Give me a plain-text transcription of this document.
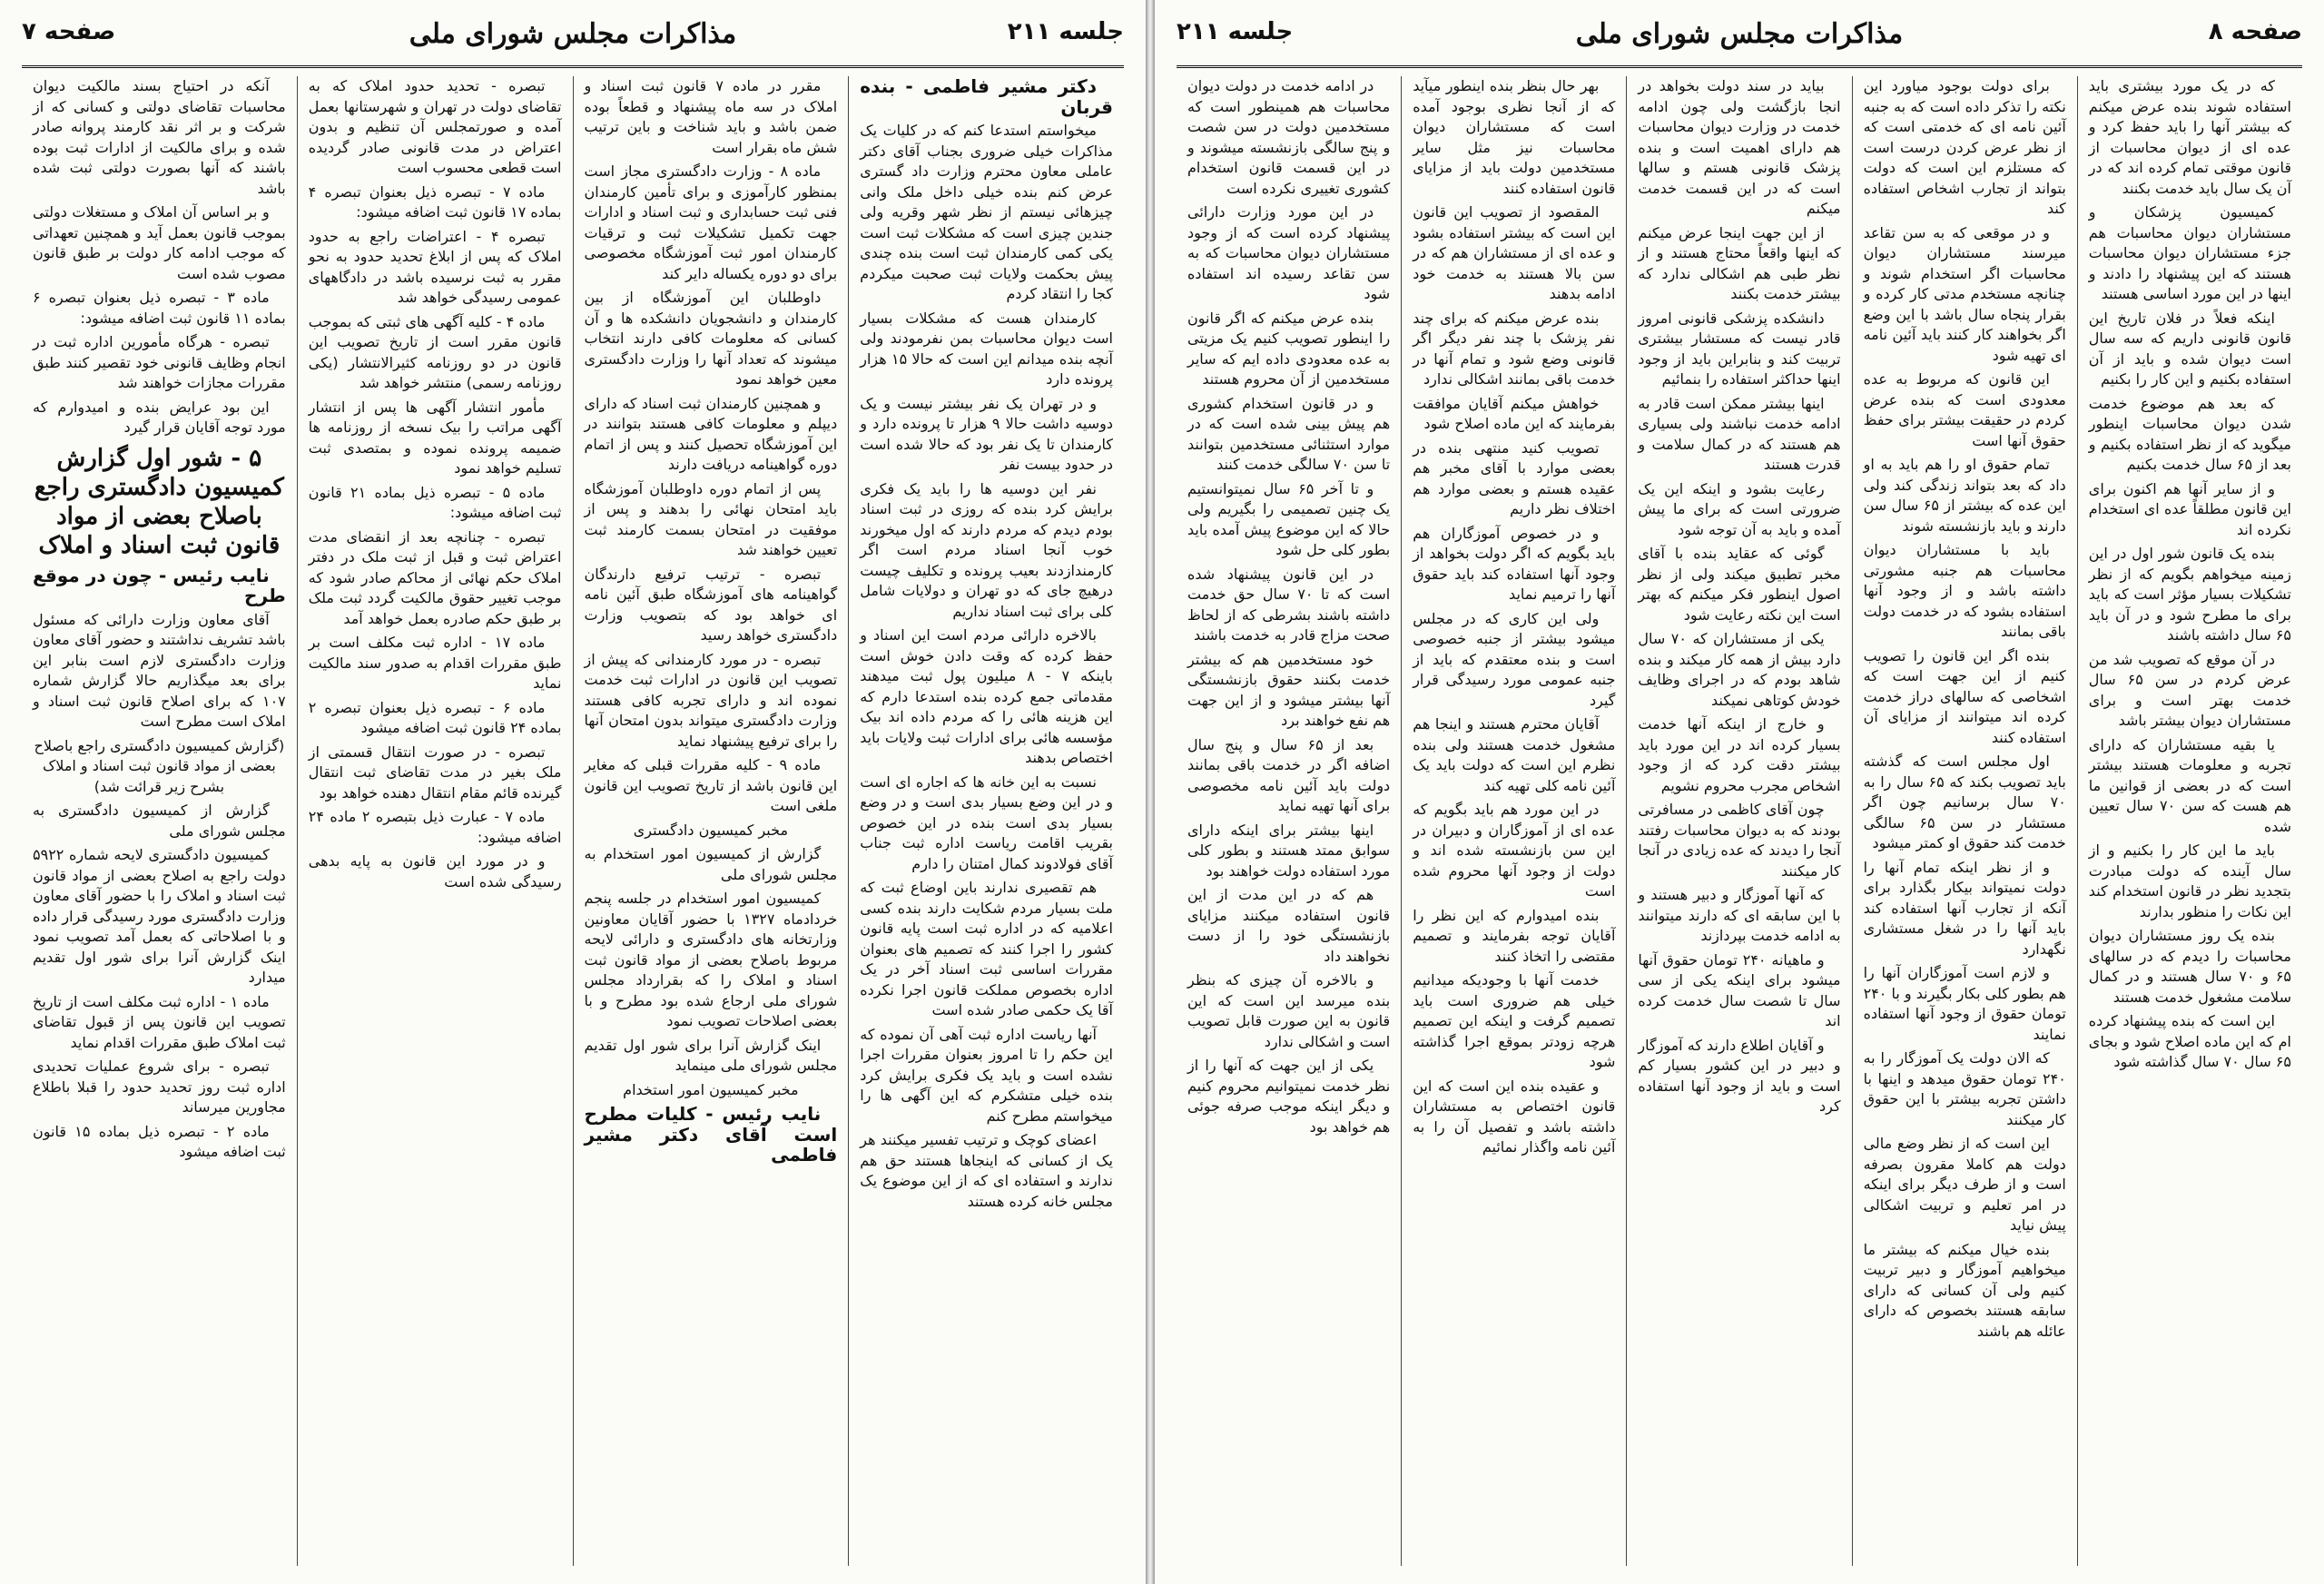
جلسه ۲۱۱
مذاکرات مجلس شورای ملی
صفحه ۷

دکتر مشیر فاطمی - بنده قربان

میخواستم استدعا کنم که در کلیات یک مذاکرات خیلی ضروری بجناب آقای دکتر عاملی معاون محترم وزارت داد گستری عرض کنم بنده خیلی داخل ملک وانی چیزهائی نیستم از نظر شهر وقریه ولی جندین چیزی است که مشکلات ثبت است یکی کمی کارمندان ثبت است بنده چندی پیش بحکمت ولایات ثبت صحبت میکردم کجا را انتقاد کردم

کارمندان هست که مشکلات بسیار است دیوان محاسبات بمن نفرمودند ولی آنچه بنده میدانم این است که حالا ۱۵ هزار پرونده دارد

و در تهران یک نفر بیشتر نیست و یک دوسیه داشت حالا ۹ هزار تا پرونده دارد و کارمندان تا یک نفر بود که حالا شده است در حدود بیست نفر

نفر این دوسیه ها را باید یک فکری برایش کرد بنده که روزی در ثبت اسناد بودم دیدم که مردم دارند که اول میخورند خوب آنجا اسناد مردم است اگر کارمندازدند بعیب پرونده و تکلیف چیست درهیچ جای که دو تهران و دولایات شامل کلی برای ثبت اسناد نداریم

بالاخره دارائی مردم است این اسناد و حفظ کرده که وقت دادن خوش است باینکه ۷ - ۸ میلیون پول ثبت میدهند مقدماتی جمع کرده بنده استدعا دارم که این هزینه هائی را که مردم داده اند بیک مؤسسه هائی برای ادارات ثبت ولایات باید اختصاص بدهند

نسبت به این خانه ها که اجاره ای است و در این وضع بسیار بدی است و در وضع بسیار بدی است بنده در این خصوص بقریب اقامت ریاست اداره ثبت جناب آقای فولادوند کمال امتنان را دارم

هم تقصیری ندارند باین اوضاع ثبت که ملت بسیار مردم شکایت دارند بنده کسی اعلامیه که در اداره ثبت است پایه قانون کشور را اجرا کنند که تصمیم های بعنوان مقررات اساسی ثبت اسناد آخر در یک اداره بخصوص مملکت قانون اجرا نکرده آقا یک حکمی صادر شده است

آنها ریاست اداره ثبت آهی آن نموده که این حکم را تا امروز بعنوان مقررات اجرا نشده است و باید یک فکری برایش کرد بنده خیلی متشکرم که این آگهی ها را میخواستم مطرح کنم

اعضای کوچک و ترتیب تفسیر میکنند هر یک از کسانی که اینجاها هستند حق هم ندارند و استفاده ای که از این موضوع یک مجلس خانه کرده هستند

مقرر در ماده ۷ قانون ثبت اسناد و املاک در سه ماه پیشنهاد و قطعاً بوده ضمن باشد و باید شناخت و باین ترتیب شش ماه بقرار است

ماده ۸ - وزارت دادگستری مجاز است بمنظور کارآموزی و برای تأمین کارمندان فنی ثبت حسابداری و ثبت اسناد و ادارات جهت تکمیل تشکیلات ثبت و ترقیات کارمندان امور ثبت آموزشگاه مخصوصی برای دو دوره یکساله دایر کند

داوطلبان این آموزشگاه از بین کارمندان و دانشجویان دانشکده ها و آن کسانی که معلومات کافی دارند انتخاب میشوند که تعداد آنها را وزارت دادگستری معین خواهد نمود

و همچنین کارمندان ثبت اسناد که دارای دیپلم و معلومات کافی هستند بتوانند در این آموزشگاه تحصیل کنند و پس از اتمام دوره گواهینامه دریافت دارند

پس از اتمام دوره داوطلبان آموزشگاه باید امتحان نهائی را بدهند و پس از موفقیت در امتحان بسمت کارمند ثبت تعیین خواهند شد

تبصره - ترتیب ترفیع دارندگان گواهینامه های آموزشگاه طبق آئین نامه ای خواهد بود که بتصویب وزارت دادگستری خواهد رسید

تبصره - در مورد کارمندانی که پیش از تصویب این قانون در ادارات ثبت خدمت نموده اند و دارای تجربه کافی هستند وزارت دادگستری میتواند بدون امتحان آنها را برای ترفیع پیشنهاد نماید

ماده ۹ - کلیه مقررات قبلی که مغایر این قانون باشد از تاریخ تصویب این قانون ملغی است

مخبر کمیسیون دادگستری

گزارش از کمیسیون امور استخدام به مجلس شورای ملی

کمیسیون امور استخدام در جلسه پنجم خردادماه ۱۳۲۷ با حضور آقایان معاونین وزارتخانه های دادگستری و دارائی لایحه مربوط باصلاح بعضی از مواد قانون ثبت اسناد و املاک را که بقرارداد مجلس شورای ملی ارجاع شده بود مطرح و با بعضی اصلاحات تصویب نمود

اینک گزارش آنرا برای شور اول تقدیم مجلس شورای ملی مینماید

مخبر کمیسیون امور استخدام

نایب رئیس - کلیات مطرح است آقای دکتر مشیر فاطمی

تبصره - تحدید حدود املاک که به تقاضای دولت در تهران و شهرستانها بعمل آمده و صورتمجلس آن تنظیم و بدون اعتراض در مدت قانونی صادر گردیده است قطعی محسوب است

ماده ۷ - تبصره ذیل بعنوان تبصره ۴ بماده ۱۷ قانون ثبت اضافه میشود:

تبصره ۴ - اعتراضات راجع به حدود املاک که پس از ابلاغ تحدید حدود به نحو مقرر به ثبت نرسیده باشد در دادگاههای عمومی رسیدگی خواهد شد

ماده ۴ - کلیه آگهی های ثبتی که بموجب قانون مقرر است از تاریخ تصویب این قانون در دو روزنامه کثیرالانتشار (یکی روزنامه رسمی) منتشر خواهد شد

مأمور انتشار آگهی ها پس از انتشار آگهی مراتب را بیک نسخه از روزنامه ها ضمیمه پرونده نموده و بمتصدی ثبت تسلیم خواهد نمود

ماده ۵ - تبصره ذیل بماده ۲۱ قانون ثبت اضافه میشود:

تبصره - چنانچه بعد از انقضای مدت اعتراض ثبت و قبل از ثبت ملک در دفتر املاک حکم نهائی از محاکم صادر شود که موجب تغییر حقوق مالکیت گردد ثبت ملک بر طبق حکم صادره بعمل خواهد آمد

ماده ۱۷ - اداره ثبت مکلف است بر طبق مقررات اقدام به صدور سند مالکیت نماید

ماده ۶ - تبصره ذیل بعنوان تبصره ۲ بماده ۲۴ قانون ثبت اضافه میشود

تبصره - در صورت انتقال قسمتی از ملک بغیر در مدت تقاضای ثبت انتقال گیرنده قائم مقام انتقال دهنده خواهد بود

ماده ۷ - عبارت ذیل بتبصره ۲ ماده ۲۴ اضافه میشود:

و در مورد این قانون به پایه بدهی رسیدگی شده است

آنکه در احتیاج بسند مالکیت دیوان محاسبات تقاضای دولتی و کسانی که از شرکت و بر اثر نقد کارمند پروانه صادر شده و برای مالکیت از ادارات ثبت بوده باشند که آنها بصورت دولتی ثبت شده باشد

و بر اساس آن املاک و مستغلات دولتی بموجب قانون بعمل آید و همچنین تعهداتی که موجب ادامه کار دولت بر طبق قانون مصوب شده است

ماده ۳ - تبصره ذیل بعنوان تبصره ۶ بماده ۱۱ قانون ثبت اضافه میشود:

تبصره - هرگاه مأمورین اداره ثبت در انجام وظایف قانونی خود تقصیر کنند طبق مقررات مجازات خواهند شد

این بود عرایض بنده و امیدوارم که مورد توجه آقایان قرار گیرد

۵ - شور اول گزارش کمیسیون دادگستری راجع باصلاح بعضی از مواد قانون ثبت اسناد و املاک

نایب رئیس - چون در موقع طرح

آقای معاون وزارت دارائی که مسئول باشد تشریف نداشتند و حضور آقای معاون وزارت دادگستری لازم است بنابر این برای بعد میگذاریم حالا گزارش شماره ۱۰۷ که برای اصلاح قانون ثبت اسناد و املاک است مطرح است

(گزارش کمیسیون دادگستری راجع باصلاح بعضی از مواد قانون ثبت اسناد و املاک بشرح زیر قرائت شد)

گزارش از کمیسیون دادگستری به مجلس شورای ملی

کمیسیون دادگستری لایحه شماره ۵۹۲۲ دولت راجع به اصلاح بعضی از مواد قانون ثبت اسناد و املاک را با حضور آقای معاون وزارت دادگستری مورد رسیدگی قرار داده و با اصلاحاتی که بعمل آمد تصویب نمود اینک گزارش آنرا برای شور اول تقدیم میدارد

ماده ۱ - اداره ثبت مکلف است از تاریخ تصویب این قانون پس از قبول تقاضای ثبت املاک طبق مقررات اقدام نماید

تبصره - برای شروع عملیات تحدیدی اداره ثبت روز تحدید حدود را قبلا باطلاع مجاورین میرساند

ماده ۲ - تبصره ذیل بماده ۱۵ قانون ثبت اضافه میشود

صفحه ۸
مذاکرات مجلس شورای ملی
جلسه ۲۱۱

که در یک مورد بیشتری باید استفاده شوند بنده عرض میکنم که بیشتر آنها را باید حفظ کرد و عده ای از دیوان محاسبات از قانون موقتی تمام کرده اند که در آن یک سال باید خدمت بکنند

کمیسیون پزشکان و مستشاران دیوان محاسبات هم جزء مستشاران دیوان محاسبات هستند که این پیشنهاد را دادند و اینها در این مورد اساسی هستند

اینکه فعلاً در فلان تاریخ این قانون قانونی داریم که سه سال است دیوان شده و باید از آن استفاده بکنیم و این کار را بکنیم

که بعد هم موضوع خدمت شدن دیوان محاسبات اینطور میگوید که از نظر استفاده بکنیم و بعد از ۶۵ سال خدمت بکنیم

و از سایر آنها هم اکنون برای این قانون مطلقاً عده ای استخدام نکرده اند

بنده یک قانون شور اول در این زمینه میخواهم بگویم که از نظر تشکیلات بسیار مؤثر است که باید برای ما مطرح شود و در آن باید ۶۵ سال داشته باشند

در آن موقع که تصویب شد من عرض کردم در سن ۶۵ سال خدمت بهتر است و برای مستشاران دیوان بیشتر باشد

یا بقیه مستشاران که دارای تجربه و معلومات هستند بیشتر است که در بعضی از قوانین ما هم هست که سن ۷۰ سال تعیین شده

باید ما این کار را بکنیم و از سال آینده که دولت مبادرت بتجدید نظر در قانون استخدام کند این نکات را منظور بدارند

بنده یک روز مستشاران دیوان محاسبات را دیدم که در سالهای ۶۵ و ۷۰ سال هستند و در کمال سلامت مشغول خدمت هستند

این است که بنده پیشنهاد کرده ام که این ماده اصلاح شود و بجای ۶۵ سال ۷۰ سال گذاشته شود

برای دولت بوجود میاورد این نکته را تذکر داده است که به جنبه آئین نامه ای که خدمتی است که از نظر عرض کردن درست است که مستلزم این است که دولت بتواند از تجارب اشخاص استفاده کند

و در موقعی که به سن تقاعد میرسند مستشاران دیوان محاسبات اگر استخدام شوند و چنانچه مستخدم مدتی کار کرده و بقرار پنجاه سال باشد با این وضع اگر بخواهند کار کنند باید آئین نامه ای تهیه شود

این قانون که مربوط به عده معدودی است که بنده عرض کردم در حقیقت بیشتر برای حفظ حقوق آنها است

تمام حقوق او را هم باید به او داد که بعد بتواند زندگی کند ولی این عده که بیشتر از ۶۵ سال سن دارند و باید بازنشسته شوند

باید با مستشاران دیوان محاسبات هم جنبه مشورتی داشته باشد و از وجود آنها استفاده بشود که در خدمت دولت باقی بمانند

بنده اگر این قانون را تصویب کنیم از این جهت است که اشخاصی که سالهای دراز خدمت کرده اند میتوانند از مزایای آن استفاده کنند

اول مجلس است که گذشته باید تصویب بکند که ۶۵ سال را به ۷۰ سال برسانیم چون اگر مستشار در سن ۶۵ سالگی خدمت کند حقوق او کمتر میشود

و از نظر اینکه تمام آنها را دولت نمیتواند بیکار بگذارد برای آنکه از تجارب آنها استفاده کند باید آنها را در شغل مستشاری نگهدارد

و لازم است آموزگاران آنها را هم بطور کلی بکار بگیرند و با ۲۴۰ تومان حقوق از وجود آنها استفاده نمایند

که الان دولت یک آموزگار را به ۲۴۰ تومان حقوق میدهد و اینها با داشتن تجربه بیشتر با این حقوق کار میکنند

این است که از نظر وضع مالی دولت هم کاملا مقرون بصرفه است و از طرف دیگر برای اینکه در امر تعلیم و تربیت اشکالی پیش نیاید

بنده خیال میکنم که بیشتر ما میخواهیم آموزگار و دبیر تربیت کنیم ولی آن کسانی که دارای سابقه هستند بخصوص که دارای عائله هم باشند

بیاید در سند دولت بخواهد در انجا بازگشت ولی چون ادامه خدمت در وزارت دیوان محاسبات هم دارای اهمیت است و بنده پزشک قانونی هستم و سالها است که در این قسمت خدمت میکنم

از این جهت اینجا عرض میکنم که اینها واقعاً محتاج هستند و از نظر طبی هم اشکالی ندارد که بیشتر خدمت بکنند

دانشکده پزشکی قانونی امروز قادر نیست که مستشار بیشتری تربیت کند و بنابراین باید از وجود اینها حداکثر استفاده را بنمائیم

اینها بیشتر ممکن است قادر به ادامه خدمت نباشند ولی بسیاری هم هستند که در کمال سلامت و قدرت هستند

رعایت بشود و اینکه این یک ضرورتی است که برای ما پیش آمده و باید به آن توجه شود

گوئی که عقاید بنده با آقای مخبر تطبیق میکند ولی از نظر اصول اینطور فکر میکنم که بهتر است این نکته رعایت شود

یکی از مستشاران که ۷۰ سال دارد بیش از همه کار میکند و بنده شاهد بودم که در اجرای وظایف خودش کوتاهی نمیکند

و خارج از اینکه آنها خدمت بسیار کرده اند در این مورد باید بیشتر دقت کرد که از وجود اشخاص مجرب محروم نشویم

چون آقای کاظمی در مسافرتی بودند که به دیوان محاسبات رفتند آنجا را دیدند که عده زیادی در آنجا کار میکنند

که آنها آموزگار و دبیر هستند و با این سابقه ای که دارند میتوانند به ادامه خدمت بپردازند

و ماهیانه ۲۴۰ تومان حقوق آنها میشود برای اینکه یکی از سی سال تا شصت سال خدمت کرده اند

و آقایان اطلاع دارند که آموزگار و دبیر در این کشور بسیار کم است و باید از وجود آنها استفاده کرد

بهر حال بنظر بنده اینطور میآید که از آنجا نظری بوجود آمده است که مستشاران دیوان محاسبات نیز مثل سایر مستخدمین دولت باید از مزایای قانون استفاده کنند

المقصود از تصویب این قانون این است که بیشتر استفاده بشود و عده ای از مستشاران هم که در سن بالا هستند به خدمت خود ادامه بدهند

بنده عرض میکنم که برای چند نفر پزشک با چند نفر دیگر اگر قانونی وضع شود و تمام آنها در خدمت باقی بمانند اشکالی ندارد

خواهش میکنم آقایان موافقت بفرمایند که این ماده اصلاح شود

تصویب کنید منتهی بنده در بعضی موارد با آقای مخبر هم عقیده هستم و بعضی موارد هم اختلاف نظر داریم

و در خصوص آموزگاران هم باید بگویم که اگر دولت بخواهد از وجود آنها استفاده کند باید حقوق آنها را ترمیم نماید

ولی این کاری که در مجلس میشود بیشتر از جنبه خصوصی است و بنده معتقدم که باید از جنبه عمومی مورد رسیدگی قرار گیرد

آقایان محترم هستند و اینجا هم مشغول خدمت هستند ولی بنده نظرم این است که دولت باید یک آئین نامه کلی تهیه کند

در این مورد هم باید بگویم که عده ای از آموزگاران و دبیران در این سن بازنشسته شده اند و دولت از وجود آنها محروم شده است

بنده امیدوارم که این نظر را آقایان توجه بفرمایند و تصمیم مقتضی را اتخاذ کنند

خدمت آنها با وجودیکه میدانیم خیلی هم ضروری است باید تصمیم گرفت و اینکه این تصمیم هرچه زودتر بموقع اجرا گذاشته شود

و عقیده بنده این است که این قانون اختصاص به مستشاران داشته باشد و تفصیل آن را به آئین نامه واگذار نمائیم

در ادامه خدمت در دولت دیوان محاسبات هم همینطور است که مستخدمین دولت در سن شصت و پنج سالگی بازنشسته میشوند و در این قسمت قانون استخدام کشوری تغییری نکرده است

در این مورد وزارت دارائی پیشنهاد کرده است که از وجود مستشاران دیوان محاسبات که به سن تقاعد رسیده اند استفاده شود

بنده عرض میکنم که اگر قانون را اینطور تصویب کنیم یک مزیتی به عده معدودی داده ایم که سایر مستخدمین از آن محروم هستند

و در قانون استخدام کشوری هم پیش بینی شده است که در موارد استثنائی مستخدمین بتوانند تا سن ۷۰ سالگی خدمت کنند

و تا آخر ۶۵ سال نمیتوانستیم یک چنین تصمیمی را بگیریم ولی حالا که این موضوع پیش آمده باید بطور کلی حل شود

در این قانون پیشنهاد شده است که تا ۷۰ سال حق خدمت داشته باشند بشرطی که از لحاظ صحت مزاج قادر به خدمت باشند

خود مستخدمین هم که بیشتر خدمت بکنند حقوق بازنشستگی آنها بیشتر میشود و از این جهت هم نفع خواهند برد

بعد از ۶۵ سال و پنج سال اضافه اگر در خدمت باقی بمانند دولت باید آئین نامه مخصوصی برای آنها تهیه نماید

اینها بیشتر برای اینکه دارای سوابق ممتد هستند و بطور کلی مورد استفاده دولت خواهند بود

هم که در این مدت از این قانون استفاده میکنند مزایای بازنشستگی خود را از دست نخواهند داد

و بالاخره آن چیزی که بنظر بنده میرسد این است که این قانون به این صورت قابل تصویب است و اشکالی ندارد

یکی از این جهت که آنها را از نظر خدمت نمیتوانیم محروم کنیم و دیگر اینکه موجب صرفه جوئی هم خواهد بود
